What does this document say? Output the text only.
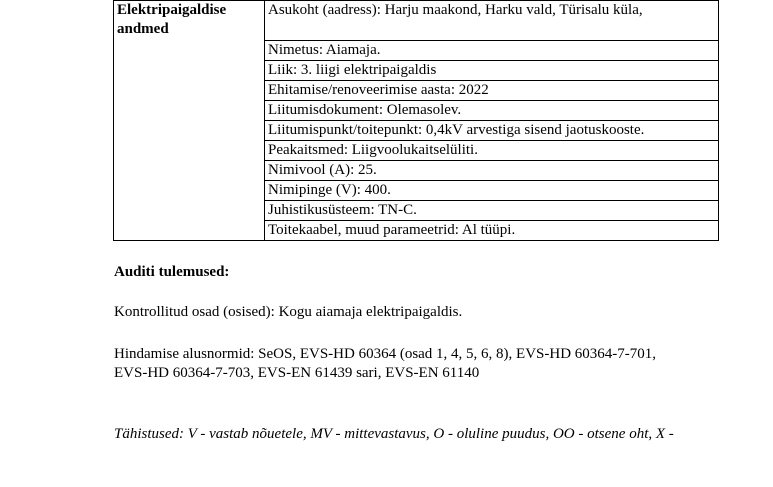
Elektripaigaldise andmed	Asukoht (aadress): Harju maakond, Harku vald, Türisalu küla,
Nimetus: Aiamaja.
Liik: 3. liigi elektripaigaldis
Ehitamise/renoveerimise aasta: 2022
Liitumisdokument: Olemasolev.
Liitumispunkt/toitepunkt: 0,4kV arvestiga sisend jaotuskooste.
Peakaitsmed: Liigvoolukaitselüliti.
Nimivool (A): 25.
Nimipinge (V): 400.
Juhistikusüsteem: TN-C.
Toitekaabel, muud parameetrid: Al tüüpi.
Auditi tulemused:
Kontrollitud osad (osised): Kogu aiamaja elektripaigaldis.
Hindamise alusnormid: SeOS, EVS-HD 60364 (osad 1, 4, 5, 6, 8), EVS-HD 60364-7-701,
EVS-HD 60364-7-703, EVS-EN 61439 sari, EVS-EN 61140
Tähistused: V - vastab nõuetele, MV - mittevastavus, O - oluline puudus, OO - otsene oht, X -
